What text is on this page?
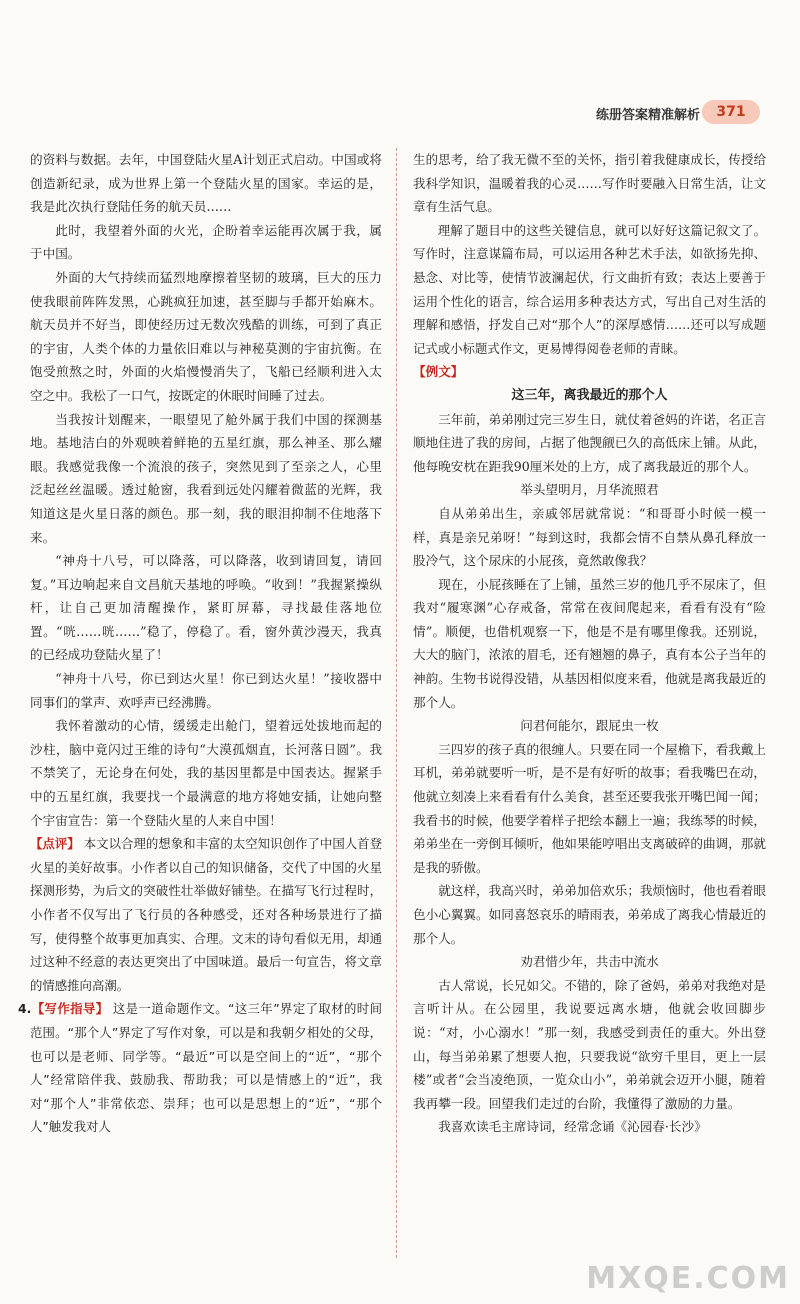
练册答案精准解析	371

的资料与数据。去年，中国登陆火星A计划正式启动。中国或将创造新纪录，成为世界上第一个登陆火星的国家。幸运的是，我是此次执行登陆任务的航天员……

此时，我望着外面的火光，企盼着幸运能再次属于我，属于中国。

外面的大气持续而猛烈地摩擦着坚韧的玻璃，巨大的压力使我眼前阵阵发黑，心跳疯狂加速，甚至脚与手都开始麻木。航天员并不好当，即使经历过无数次残酷的训练，可到了真正的宇宙，人类个体的力量依旧难以与神秘莫测的宇宙抗衡。在饱受煎熬之时，外面的火焰慢慢消失了，飞船已经顺利进入太空之中。我松了一口气，按既定的休眠时间睡了过去。

当我按计划醒来，一眼望见了舱外属于我们中国的探测基地。基地洁白的外观映着鲜艳的五星红旗，那么神圣、那么耀眼。我感觉我像一个流浪的孩子，突然见到了至亲之人，心里泛起丝丝温暖。透过舱窗，我看到远处闪耀着微蓝的光辉，我知道这是火星日落的颜色。那一刻，我的眼泪抑制不住地落下来。

“神舟十八号，可以降落，可以降落，收到请回复，请回复。”耳边响起来自文昌航天基地的呼唤。“收到！”我握紧操纵杆，让自己更加清醒操作，紧盯屏幕，寻找最佳落地位置。“咣……咣……”稳了，停稳了。看，窗外黄沙漫天，我真的已经成功登陆火星了！

“神舟十八号，你已到达火星！你已到达火星！”接收器中同事们的掌声、欢呼声已经沸腾。

我怀着激动的心情，缓缓走出舱门，望着远处拔地而起的沙柱，脑中竟闪过王维的诗句“大漠孤烟直，长河落日圆”。我不禁笑了，无论身在何处，我的基因里都是中国表达。握紧手中的五星红旗，我要找一个最满意的地方将她安插，让她向整个宇宙宣告：第一个登陆火星的人来自中国！

【点评】 本文以合理的想象和丰富的太空知识创作了中国人首登火星的美好故事。小作者以自己的知识储备，交代了中国的火星探测形势，为后文的突破性壮举做好铺垫。在描写飞行过程时，小作者不仅写出了飞行员的各种感受，还对各种场景进行了描写，使得整个故事更加真实、合理。文末的诗句看似无用，却通过这种不经意的表达更突出了中国味道。最后一句宣告，将文章的情感推向高潮。

4.【写作指导】 这是一道命题作文。“这三年”界定了取材的时间范围。“那个人”界定了写作对象，可以是和我朝夕相处的父母，也可以是老师、同学等。“最近”可以是空间上的“近”，“那个人”经常陪伴我、鼓励我、帮助我；可以是情感上的“近”，我对“那个人”非常依恋、崇拜；也可以是思想上的“近”，“那个人”触发我对人

生的思考，给了我无微不至的关怀，指引着我健康成长，传授给我科学知识，温暖着我的心灵……写作时要融入日常生活，让文章有生活气息。

理解了题目中的这些关键信息，就可以好好这篇记叙文了。写作时，注意谋篇布局，可以运用各种艺术手法，如欲扬先抑、悬念、对比等，使情节波澜起伏，行文曲折有致；表达上要善于运用个性化的语言，综合运用多种表达方式，写出自己对生活的理解和感悟，抒发自己对“那个人”的深厚感情……还可以写成题记式或小标题式作文，更易博得阅卷老师的青睐。

【例文】

这三年，离我最近的那个人

三年前，弟弟刚过完三岁生日，就仗着爸妈的许诺，名正言顺地住进了我的房间，占据了他觊觎已久的高低床上铺。从此，他每晚安枕在距我90厘米处的上方，成了离我最近的那个人。

举头望明月，月华流照君

自从弟弟出生，亲戚邻居就常说：“和哥哥小时候一模一样，真是亲兄弟呀！”每到这时，我都会情不自禁从鼻孔释放一股冷气，这个尿床的小屁孩，竟然敢像我？

现在，小屁孩睡在了上铺，虽然三岁的他几乎不尿床了，但我对“履寒渊”心存戒备，常常在夜间爬起来，看看有没有“险情”。顺便，也借机观察一下，他是不是有哪里像我。还别说，大大的脑门，浓浓的眉毛，还有翘翘的鼻子，真有本公子当年的神韵。生物书说得没错，从基因相似度来看，他就是离我最近的那个人。

问君何能尔，跟屁虫一枚

三四岁的孩子真的很缠人。只要在同一个屋檐下，看我戴上耳机，弟弟就要听一听，是不是有好听的故事；看我嘴巴在动，他就立刻凑上来看看有什么美食，甚至还要我张开嘴巴闻一闻；我看书的时候，他要学着样子把绘本翻上一遍；我练琴的时候，弟弟坐在一旁倒耳倾听，他如果能哼唱出支离破碎的曲调，那就是我的骄傲。

就这样，我高兴时，弟弟加倍欢乐；我烦恼时，他也看着眼色小心翼翼。如同喜怒哀乐的晴雨表，弟弟成了离我心情最近的那个人。

劝君惜少年，共击中流水

古人常说，长兄如父。不错的，除了爸妈，弟弟对我绝对是言听计从。在公园里，我说要远离水塘，他就会收回脚步说：“对，小心溺水！”那一刻，我感受到责任的重大。外出登山，每当弟弟累了想要人抱，只要我说“欲穷千里目，更上一层楼”或者“会当凌绝顶，一览众山小”，弟弟就会迈开小腿，随着我再攀一段。回望我们走过的台阶，我懂得了激励的力量。

我喜欢读毛主席诗词，经常念诵《沁园春·长沙》

MXQE.COM
